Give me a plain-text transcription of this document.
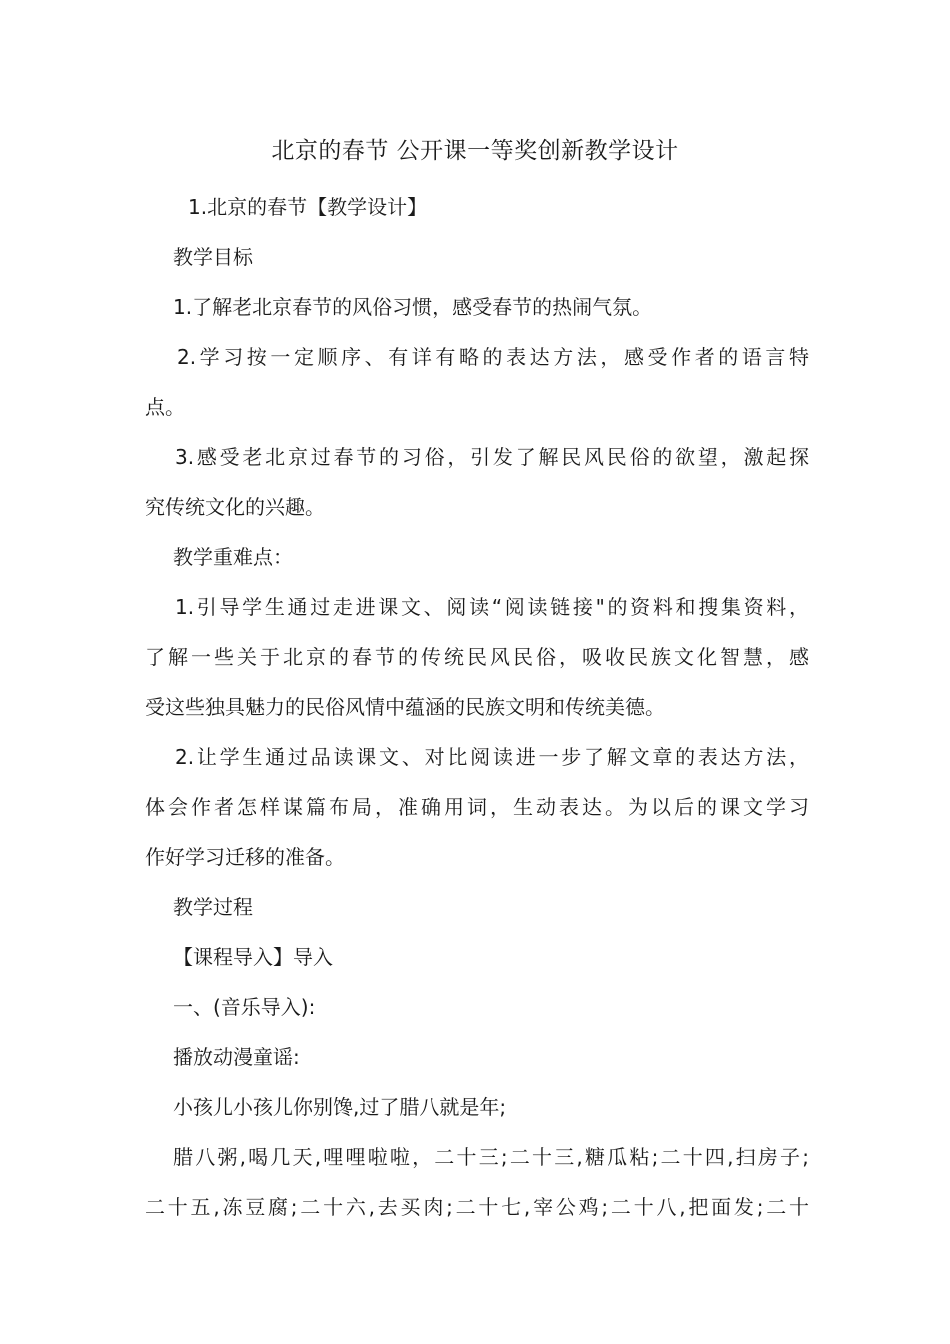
北京的春节 公开课一等奖创新教学设计
1.北京的春节【教学设计】
教学目标
1.了解老北京春节的风俗习惯，感受春节的热闹气氛。
2.学习按一定顺序、有详有略的表达方法，感受作者的语言特
点。
3.感受老北京过春节的习俗，引发了解民风民俗的欲望，激起探
究传统文化的兴趣。
教学重难点：
1.引导学生通过走进课文、阅读“阅读链接"的资料和搜集资料，
了解一些关于北京的春节的传统民风民俗，吸收民族文化智慧，感
受这些独具魅力的民俗风情中蕴涵的民族文明和传统美德。
2.让学生通过品读课文、对比阅读进一步了解文章的表达方法，
体会作者怎样谋篇布局，准确用词，生动表达。为以后的课文学习
作好学习迁移的准备。
教学过程
【课程导入】导入
一、(音乐导入):
播放动漫童谣:
小孩儿小孩儿你别馋,过了腊八就是年;
腊八粥,喝几天,哩哩啦啦，二十三;二十三,糖瓜粘;二十四,扫房子;
二十五,冻豆腐;二十六,去买肉;二十七,宰公鸡;二十八,把面发;二十
